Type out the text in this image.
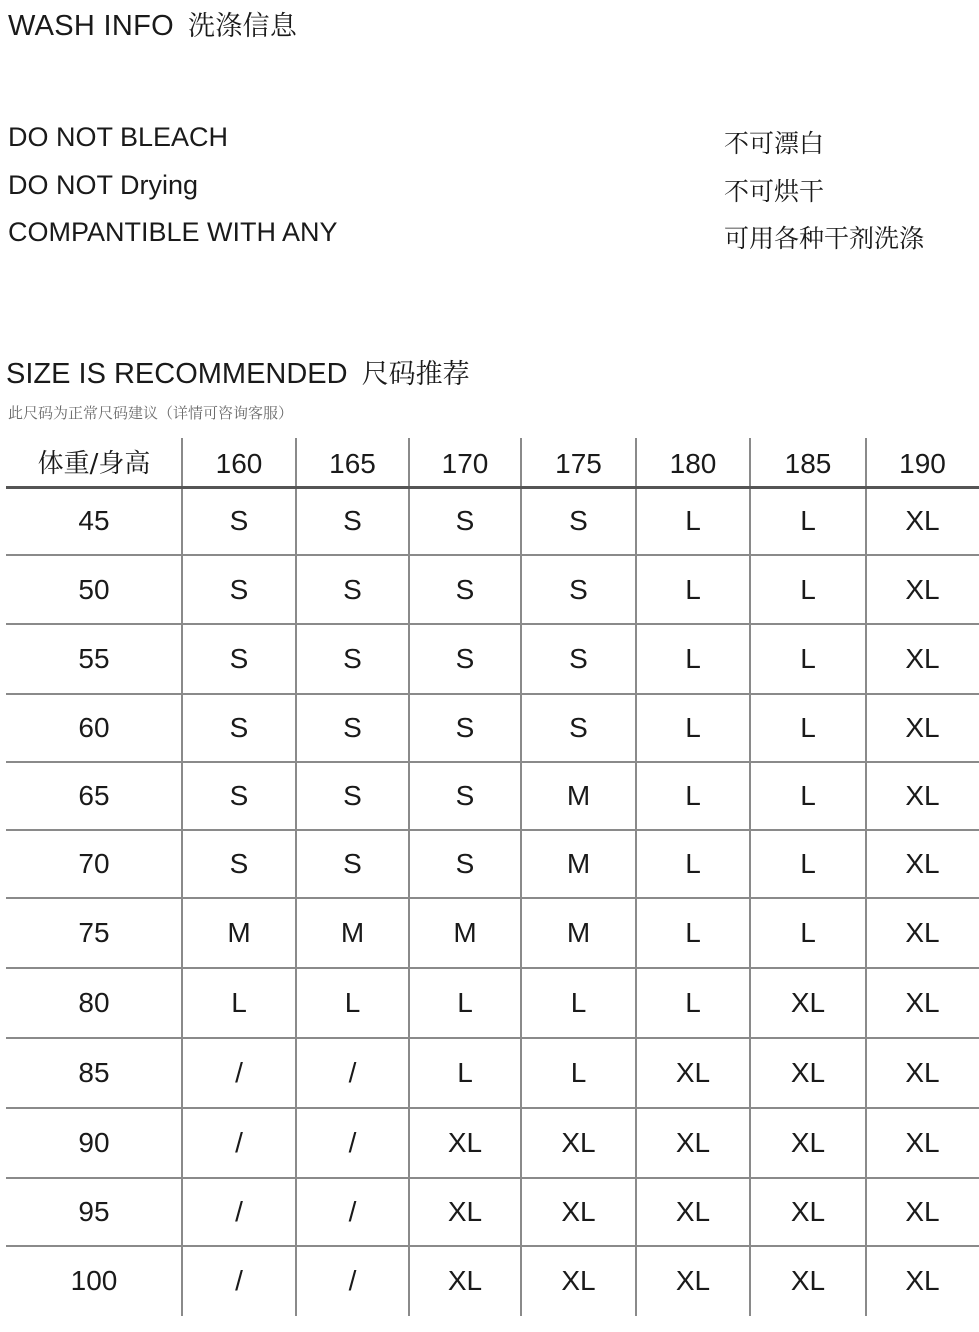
WASH INFO 洗涤信息
DO NOT BLEACH	不可漂白
DO NOT Drying	不可烘干
COMPANTIBLE WITH ANY	可用各种干剂洗涤
SIZE IS RECOMMENDED 尺码推荐
此尺码为正常尺码建议（详情可咨询客服）
体重/身高	160	165	170	175	180	185	190
45	S	S	S	S	L	L	XL
50	S	S	S	S	L	L	XL
55	S	S	S	S	L	L	XL
60	S	S	S	S	L	L	XL
65	S	S	S	M	L	L	XL
70	S	S	S	M	L	L	XL
75	M	M	M	M	L	L	XL
80	L	L	L	L	L	XL	XL
85	/	/	L	L	XL	XL	XL
90	/	/	XL	XL	XL	XL	XL
95	/	/	XL	XL	XL	XL	XL
100	/	/	XL	XL	XL	XL	XL
